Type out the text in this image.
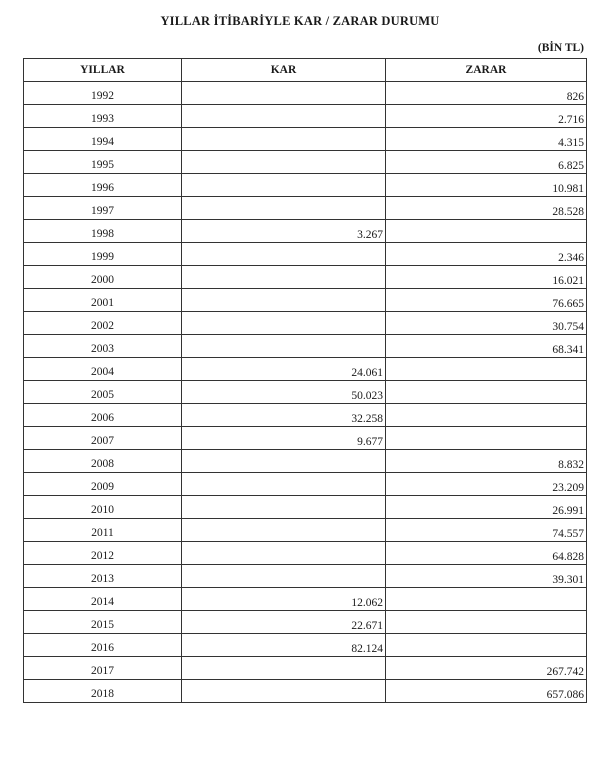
YILLAR İTİBARİYLE KAR / ZARAR DURUMU
(BİN TL)
YILLAR	KAR	ZARAR
1992		826
1993		2.716
1994		4.315
1995		6.825
1996		10.981
1997		28.528
1998	3.267	
1999		2.346
2000		16.021
2001		76.665
2002		30.754
2003		68.341
2004	24.061	
2005	50.023	
2006	32.258	
2007	9.677	
2008		8.832
2009		23.209
2010		26.991
2011		74.557
2012		64.828
2013		39.301
2014	12.062	
2015	22.671	
2016	82.124	
2017		267.742
2018		657.086
